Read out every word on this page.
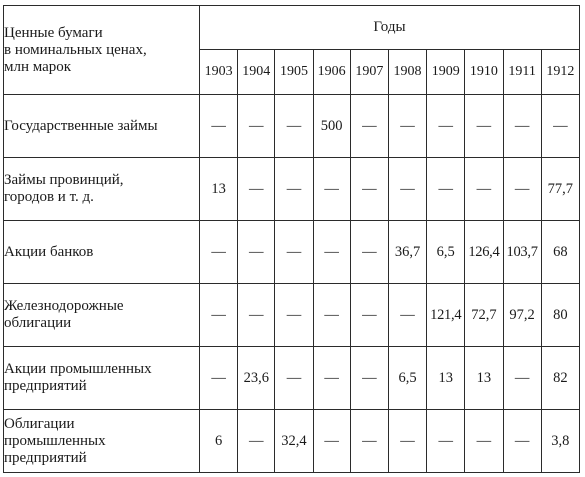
Ценные бумаги
в номинальных ценах,
млн марок	Годы									
	1903	1904	1905	1906	1907	1908	1909	1910	1911	1912

Государственные займы	—	—	—	500	—	—	—	—	—	—

Займы провинций,
городов и т. д.	13	—	—	—	—	—	—	—	—	77,7

Акции банков	—	—	—	—	—	36,7	6,5	126,4	103,7	68

Железнодорожные
облигации	—	—	—	—	—	—	121,4	72,7	97,2	80

Акции промышленных
предприятий	—	23,6	—	—	—	6,5	13	13	—	82

Облигации
промышленных
предприятий	6	—	32,4	—	—	—	—	—	—	3,8
